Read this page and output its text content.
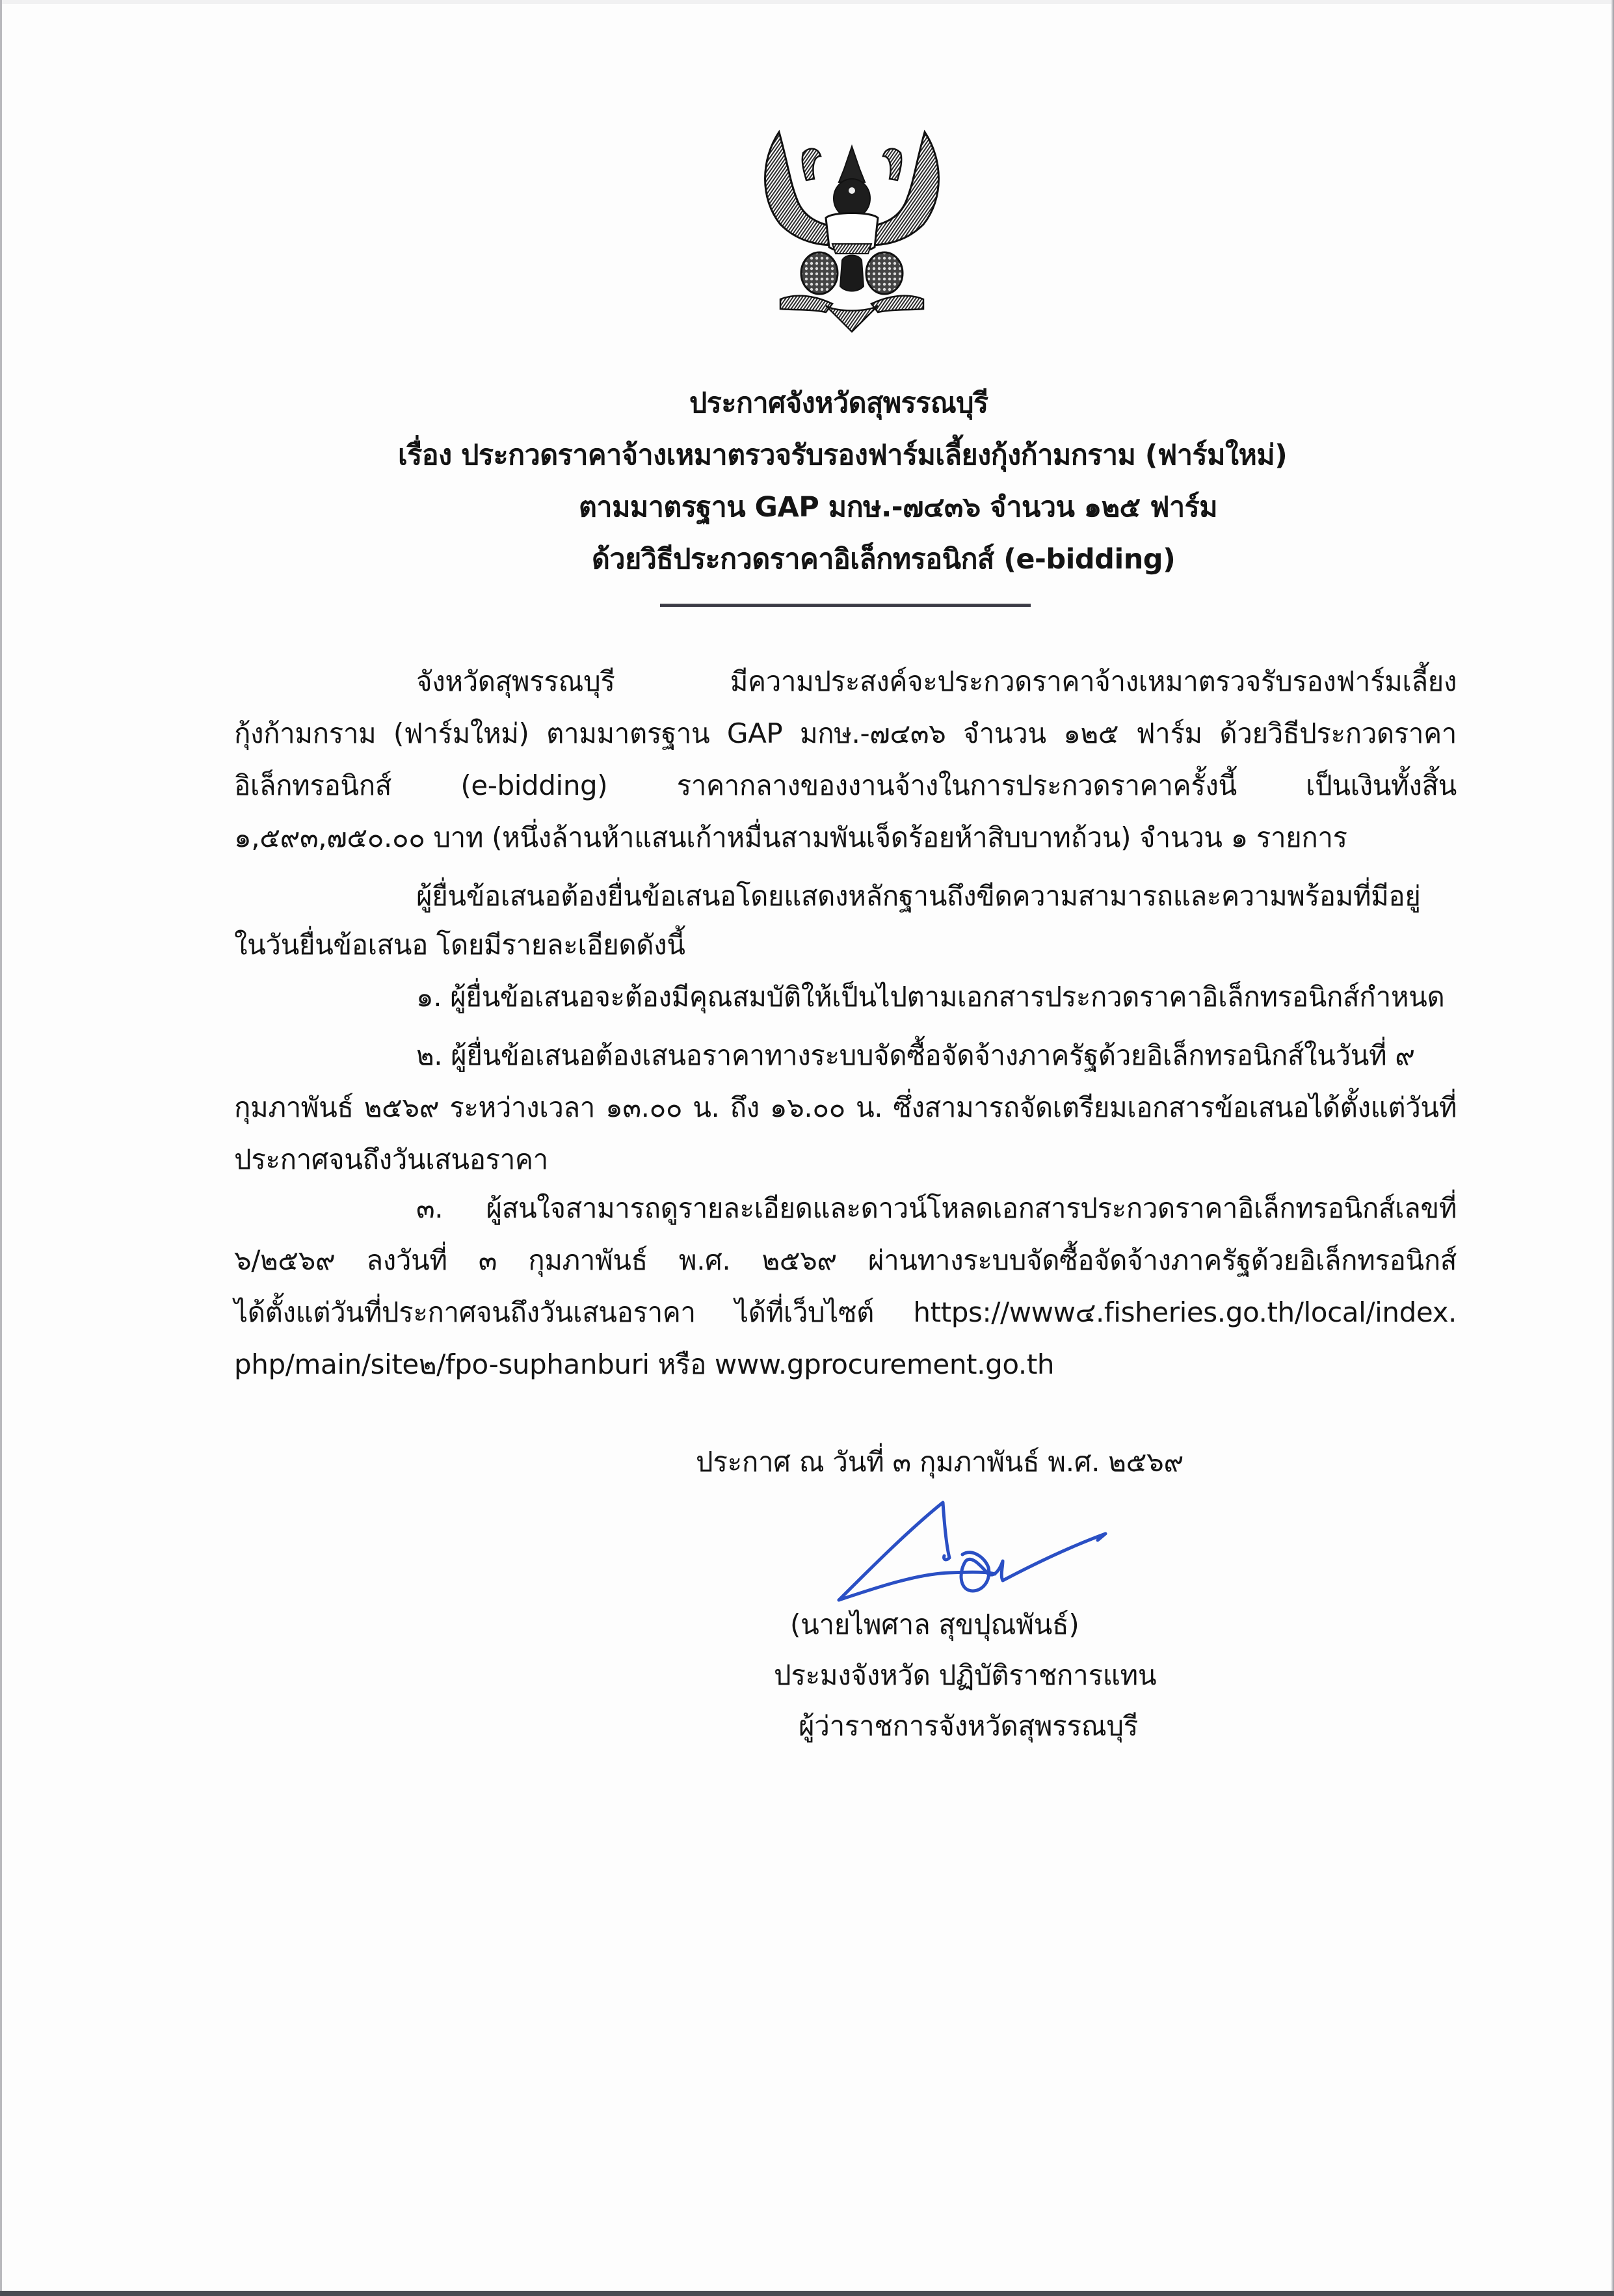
ประกาศจังหวัดสุพรรณบุรี
เรื่อง ประกวดราคาจ้างเหมาตรวจรับรองฟาร์มเลี้ยงกุ้งก้ามกราม (ฟาร์มใหม่)
ตามมาตรฐาน GAP มกษ.-๗๔๓๖ จำนวน ๑๒๕ ฟาร์ม
ด้วยวิธีประกวดราคาอิเล็กทรอนิกส์ (e-bidding)
จังหวัดสุพรรณบุรี มีความประสงค์จะประกวดราคาจ้างเหมาตรวจรับรองฟาร์มเลี้ยง
กุ้งก้ามกราม (ฟาร์มใหม่) ตามมาตรฐาน GAP มกษ.-๗๔๓๖ จำนวน ๑๒๕ ฟาร์ม ด้วยวิธีประกวดราคา
อิเล็กทรอนิกส์ (e-bidding) ราคากลางของงานจ้างในการประกวดราคาครั้งนี้ เป็นเงินทั้งสิ้น
๑,๕๙๓,๗๕๐.๐๐ บาท (หนึ่งล้านห้าแสนเก้าหมื่นสามพันเจ็ดร้อยห้าสิบบาทถ้วน) จำนวน ๑ รายการ
ผู้ยื่นข้อเสนอต้องยื่นข้อเสนอโดยแสดงหลักฐานถึงขีดความสามารถและความพร้อมที่มีอยู่
ในวันยื่นข้อเสนอ โดยมีรายละเอียดดังนี้
๑. ผู้ยื่นข้อเสนอจะต้องมีคุณสมบัติให้เป็นไปตามเอกสารประกวดราคาอิเล็กทรอนิกส์กำหนด
๒. ผู้ยื่นข้อเสนอต้องเสนอราคาทางระบบจัดซื้อจัดจ้างภาครัฐด้วยอิเล็กทรอนิกส์ในวันที่ ๙
กุมภาพันธ์ ๒๕๖๙ ระหว่างเวลา ๑๓.๐๐ น. ถึง ๑๖.๐๐ น. ซึ่งสามารถจัดเตรียมเอกสารข้อเสนอได้ตั้งแต่วันที่
ประกาศจนถึงวันเสนอราคา
๓. ผู้สนใจสามารถดูรายละเอียดและดาวน์โหลดเอกสารประกวดราคาอิเล็กทรอนิกส์เลขที่
๖/๒๕๖๙ ลงวันที่ ๓ กุมภาพันธ์ พ.ศ. ๒๕๖๙ ผ่านทางระบบจัดซื้อจัดจ้างภาครัฐด้วยอิเล็กทรอนิกส์
ได้ตั้งแต่วันที่ประกาศจนถึงวันเสนอราคา ได้ที่เว็บไซต์ https://www๔.fisheries.go.th/local/index.
php/main/site๒/fpo-suphanburi หรือ www.gprocurement.go.th
ประกาศ ณ วันที่ ๓ กุมภาพันธ์ พ.ศ. ๒๕๖๙
(นายไพศาล สุขปุณพันธ์)
ประมงจังหวัด ปฏิบัติราชการแทน
ผู้ว่าราชการจังหวัดสุพรรณบุรี
